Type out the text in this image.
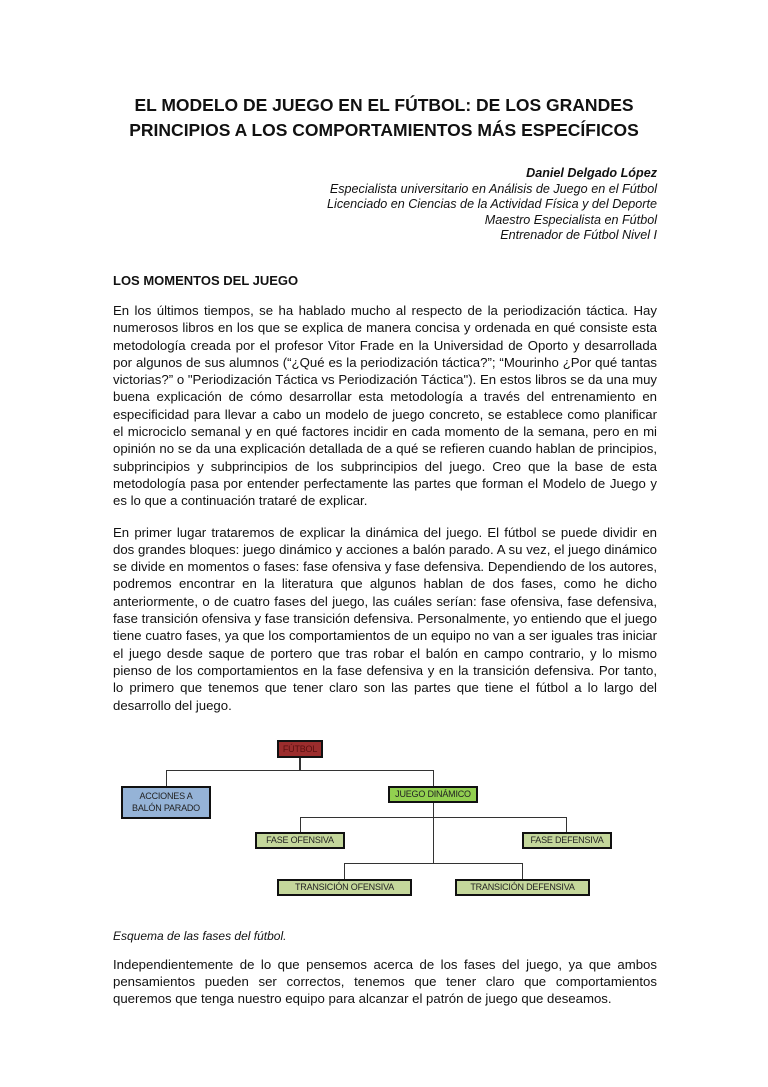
EL MODELO DE JUEGO EN EL FÚTBOL: DE LOS GRANDES
PRINCIPIOS A LOS COMPORTAMIENTOS MÁS ESPECÍFICOS
Daniel Delgado López
Especialista universitario en Análisis de Juego en el Fútbol
Licenciado en Ciencias de la Actividad Física y del Deporte
Maestro Especialista en Fútbol
Entrenador de Fútbol Nivel I
LOS MOMENTOS DEL JUEGO

En los últimos tiempos, se ha hablado mucho al respecto de la periodización táctica. Hay numerosos libros en los que se explica de manera concisa y ordenada en qué consiste esta metodología creada por el profesor Vitor Frade en la Universidad de Oporto y desarrollada por algunos de sus alumnos (“¿Qué es la periodización táctica?”; “Mourinho ¿Por qué tantas victorias?” o "Periodización Táctica vs Periodización Táctica"). En estos libros se da una muy buena explicación de cómo desarrollar esta metodología a través del entrenamiento en especificidad para llevar a cabo un modelo de juego concreto, se establece como planificar el microciclo semanal y en qué factores incidir en cada momento de la semana, pero en mi opinión no se da una explicación detallada de a qué se refieren cuando hablan de principios, subprincipios y subprincipios de los subprincipios del juego. Creo que la base de esta metodología pasa por entender perfectamente las partes que forman el Modelo de Juego y es lo que a continuación trataré de explicar.

En primer lugar trataremos de explicar la dinámica del juego. El fútbol se puede dividir en dos grandes bloques: juego dinámico y acciones a balón parado. A su vez, el juego dinámico se divide en momentos o fases: fase ofensiva y fase defensiva. Dependiendo de los autores, podremos encontrar en la literatura que algunos hablan de dos fases, como he dicho anteriormente, o de cuatro fases del juego, las cuáles serían: fase ofensiva, fase defensiva, fase transición ofensiva y fase transición defensiva. Personalmente, yo entiendo que el juego tiene cuatro fases, ya que los comportamientos de un equipo no van a ser iguales tras iniciar el juego desde saque de portero que tras robar el balón en campo contrario, y lo mismo pienso de los comportamientos en la fase defensiva y en la transición defensiva. Por tanto, lo primero que tenemos que tener claro son las partes que tiene el fútbol a lo largo del desarrollo del juego.

FÚTBOL
ACCIONES A BALÓN PARADO
JUEGO DINÁMICO
FASE OFENSIVA	FASE DEFENSIVA
TRANSICIÓN OFENSIVA	TRANSICIÓN DEFENSIVA
Esquema de las fases del fútbol.

Independientemente de lo que pensemos acerca de los fases del juego, ya que ambos pensamientos pueden ser correctos, tenemos que tener claro que comportamientos queremos que tenga nuestro equipo para alcanzar el patrón de juego que deseamos.
